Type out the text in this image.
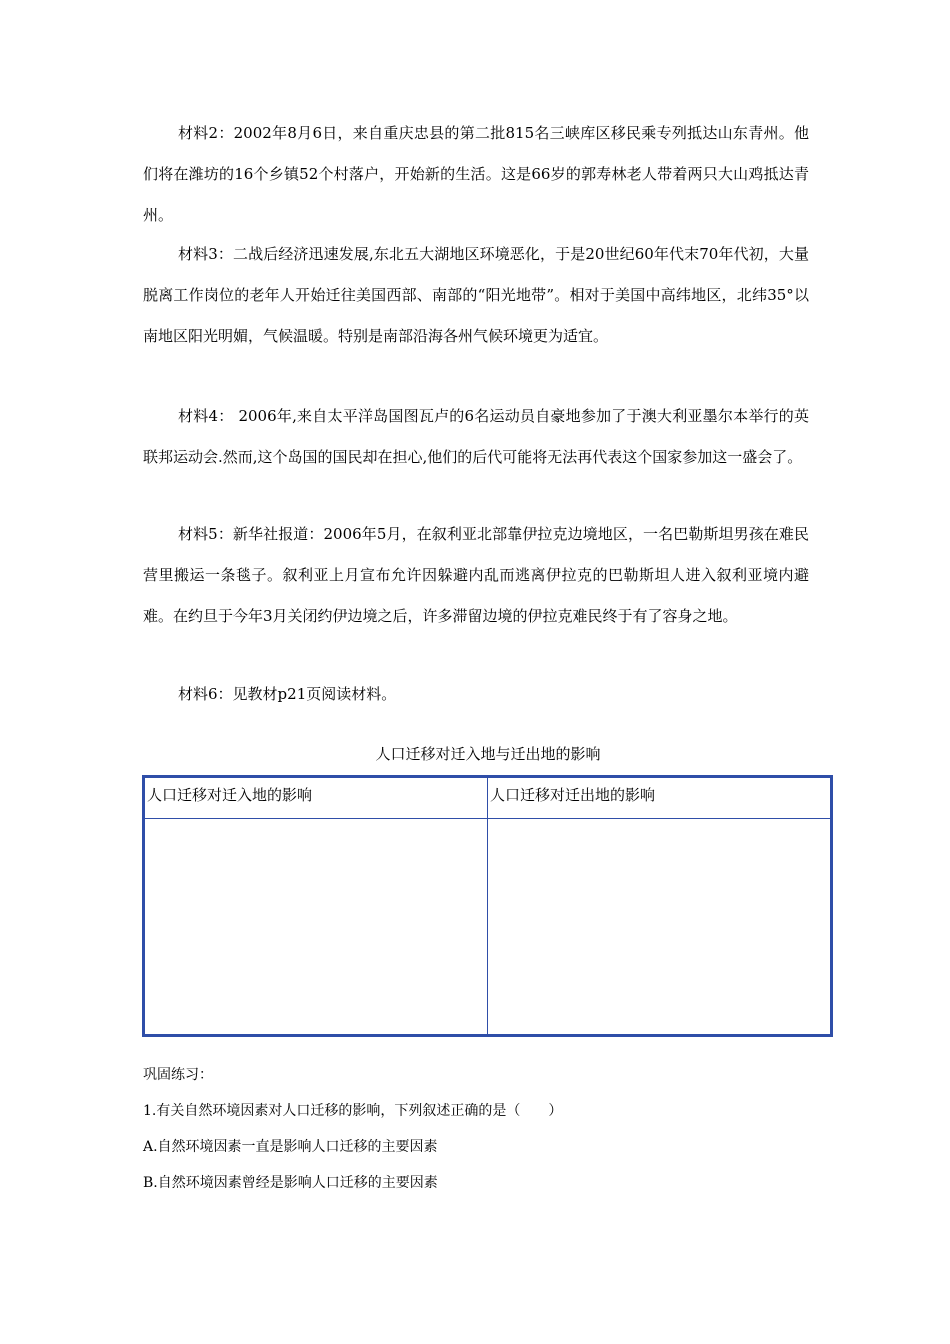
材料2：2002年8月6日，来自重庆忠县的第二批815名三峡库区移民乘专列抵达山东青州。他们将在潍坊的16个乡镇52个村落户，开始新的生活。这是66岁的郭寿林老人带着两只大山鸡抵达青州。

材料3：二战后经济迅速发展,东北五大湖地区环境恶化，于是20世纪60年代末70年代初，大量脱离工作岗位的老年人开始迁往美国西部、南部的“阳光地带”。相对于美国中高纬地区，北纬35°以南地区阳光明媚，气候温暖。特别是南部沿海各州气候环境更为适宜。

材料4： 2006年,来自太平洋岛国图瓦卢的6名运动员自豪地参加了于澳大利亚墨尔本举行的英联邦运动会.然而,这个岛国的国民却在担心,他们的后代可能将无法再代表这个国家参加这一盛会了。

材料5：新华社报道：2006年5月，在叙利亚北部靠伊拉克边境地区，一名巴勒斯坦男孩在难民营里搬运一条毯子。叙利亚上月宣布允许因躲避内乱而逃离伊拉克的巴勒斯坦人进入叙利亚境内避难。在约旦于今年3月关闭约伊边境之后，许多滞留边境的伊拉克难民终于有了容身之地。

材料6：见教材p21页阅读材料。

人口迁移对迁入地与迁出地的影响
人口迁移对迁入地的影响	人口迁移对迁出地的影响

巩固练习：
1.有关自然环境因素对人口迁移的影响，下列叙述正确的是（　　）
A.自然环境因素一直是影响人口迁移的主要因素
B.自然环境因素曾经是影响人口迁移的主要因素
